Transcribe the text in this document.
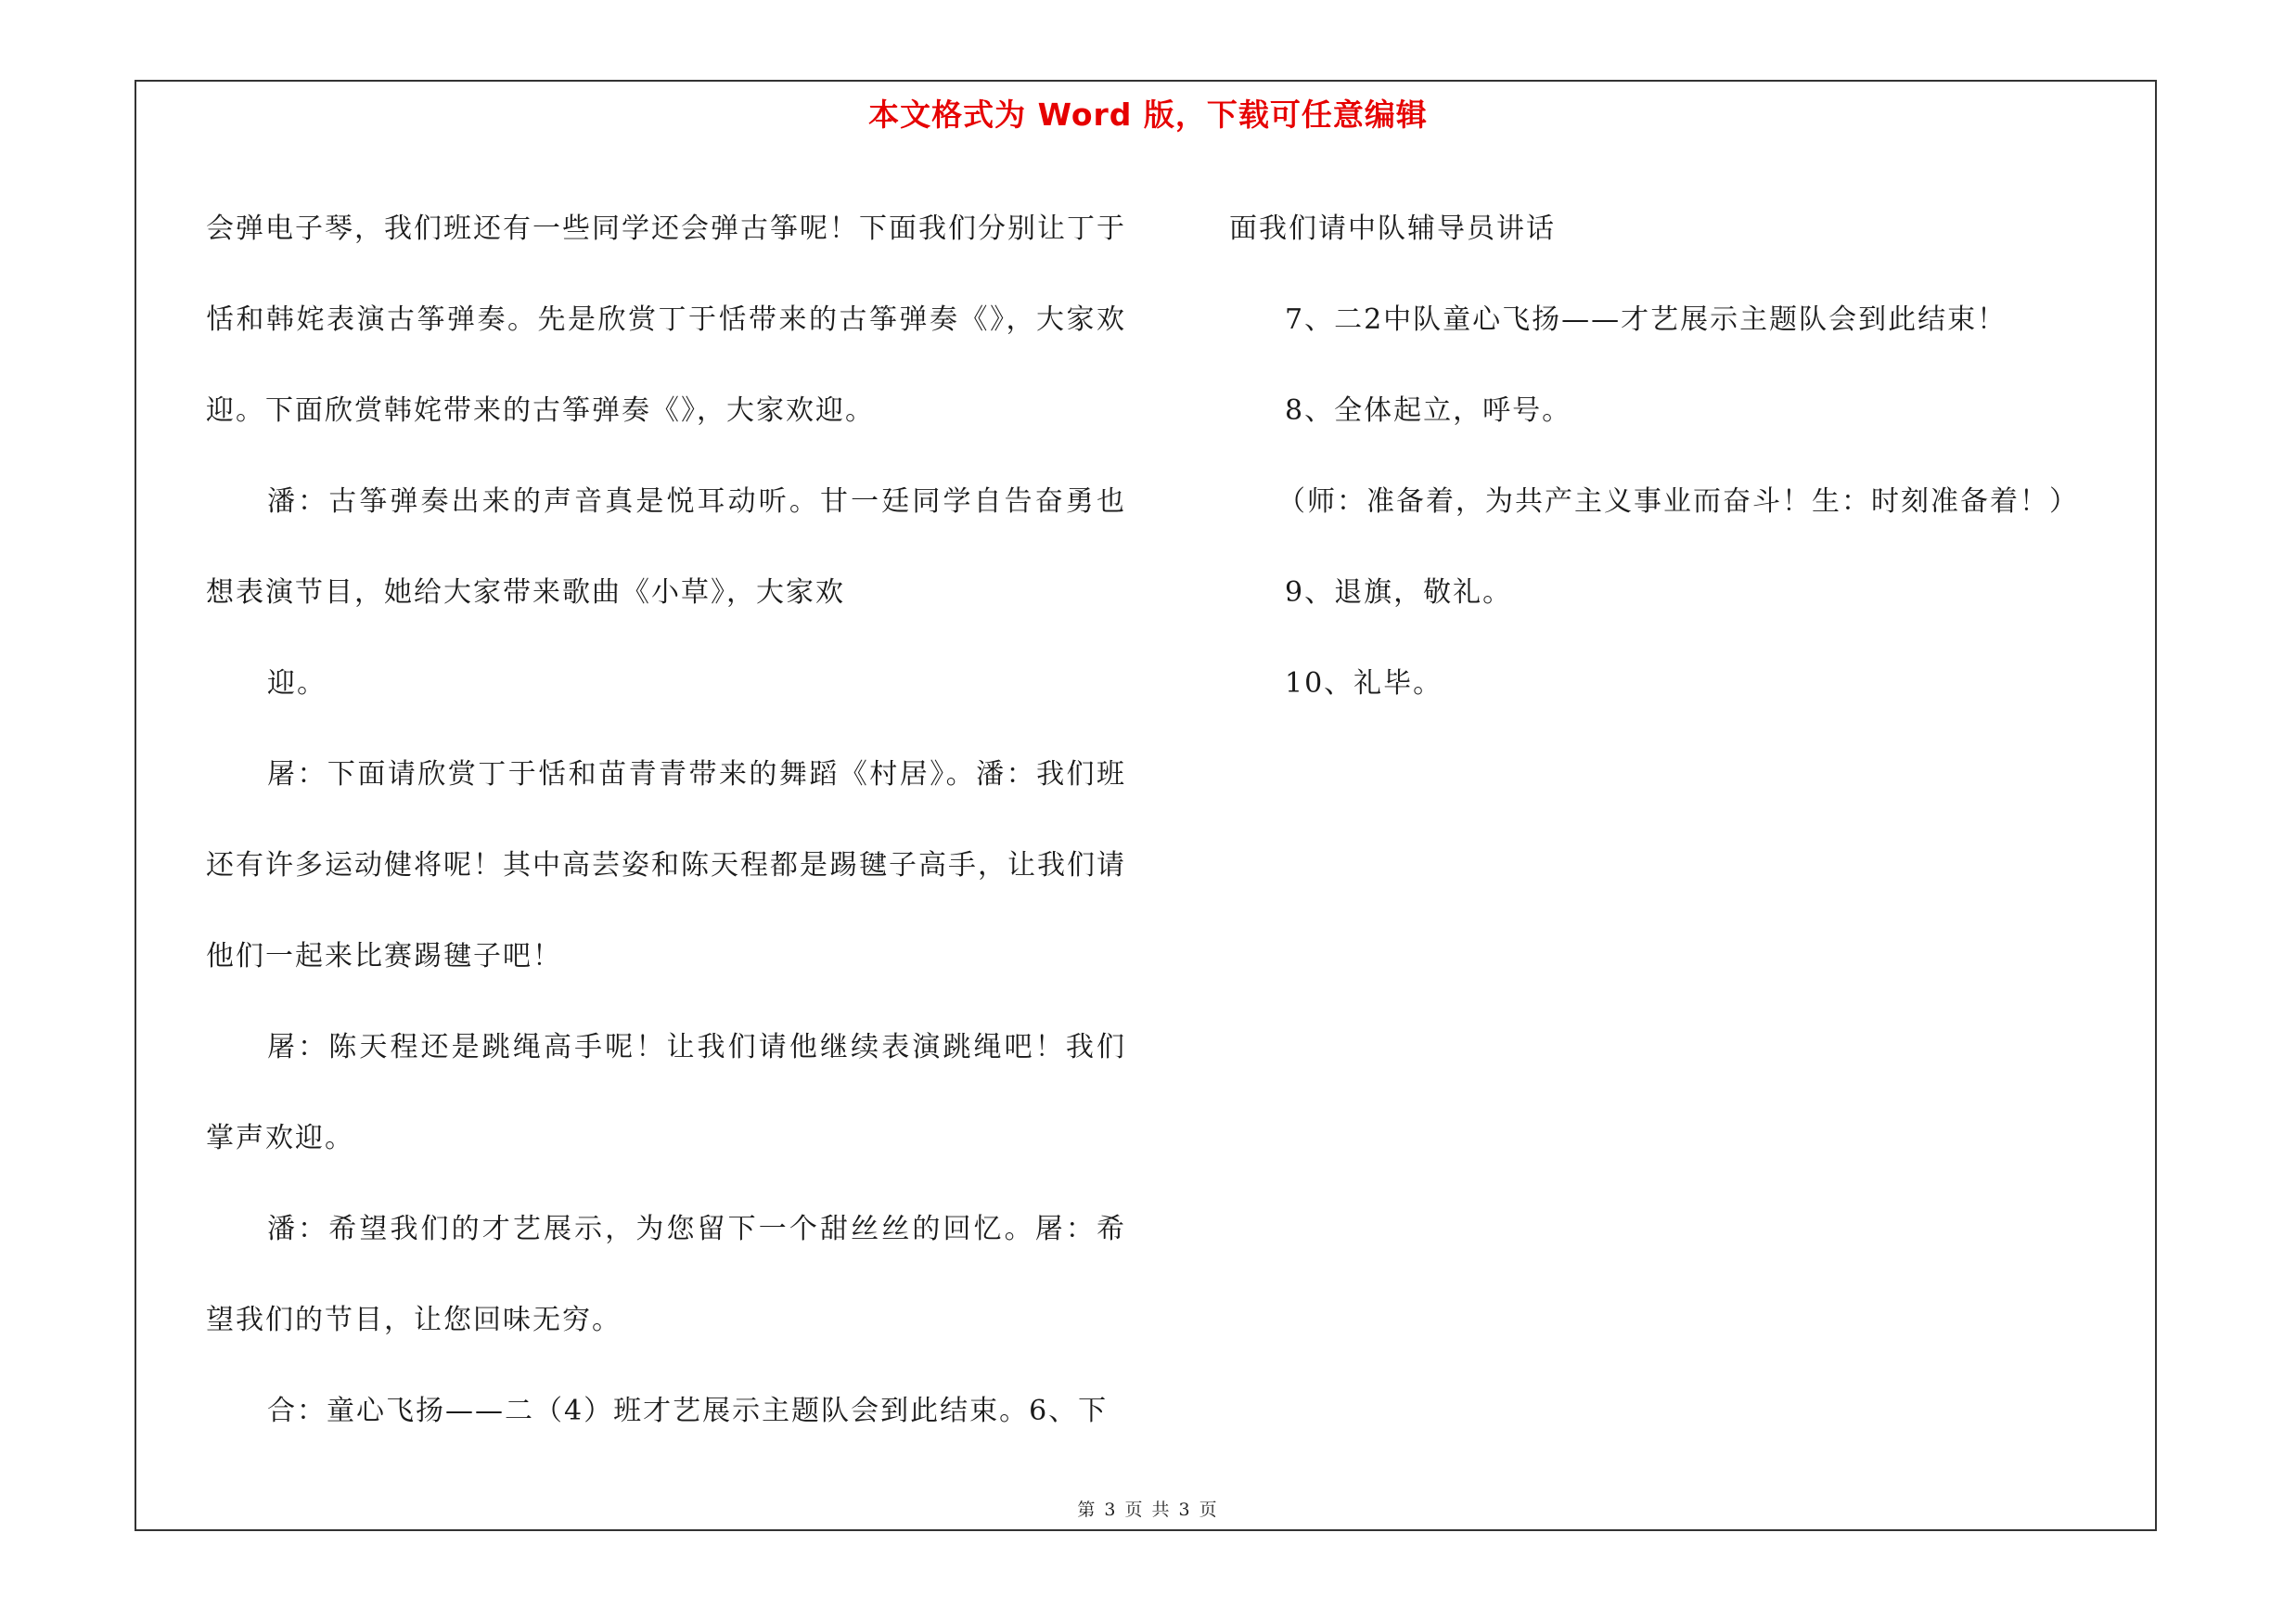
本文格式为 Word 版，下载可任意编辑

会弹电子琴，我们班还有一些同学还会弹古筝呢！下面我们分别让丁于恬和韩姹表演古筝弹奏。先是欣赏丁于恬带来的古筝弹奏《》，大家欢迎。下面欣赏韩姹带来的古筝弹奏《》，大家欢迎。

潘：古筝弹奏出来的声音真是悦耳动听。甘一廷同学自告奋勇也想表演节目，她给大家带来歌曲《小草》，大家欢

迎。

屠：下面请欣赏丁于恬和苗青青带来的舞蹈《村居》。潘：我们班还有许多运动健将呢！其中高芸姿和陈天程都是踢毽子高手，让我们请他们一起来比赛踢毽子吧！

屠：陈天程还是跳绳高手呢！让我们请他继续表演跳绳吧！我们掌声欢迎。

潘：希望我们的才艺展示，为您留下一个甜丝丝的回忆。屠：希望我们的节目，让您回味无穷。

合：童心飞扬——二（4）班才艺展示主题队会到此结束。6、下

面我们请中队辅导员讲话

7、二2中队童心飞扬——才艺展示主题队会到此结束！

8、全体起立，呼号。

（师：准备着，为共产主义事业而奋斗！生：时刻准备着！）

9、退旗，敬礼。

10、礼毕。

第 3 页 共 3 页
